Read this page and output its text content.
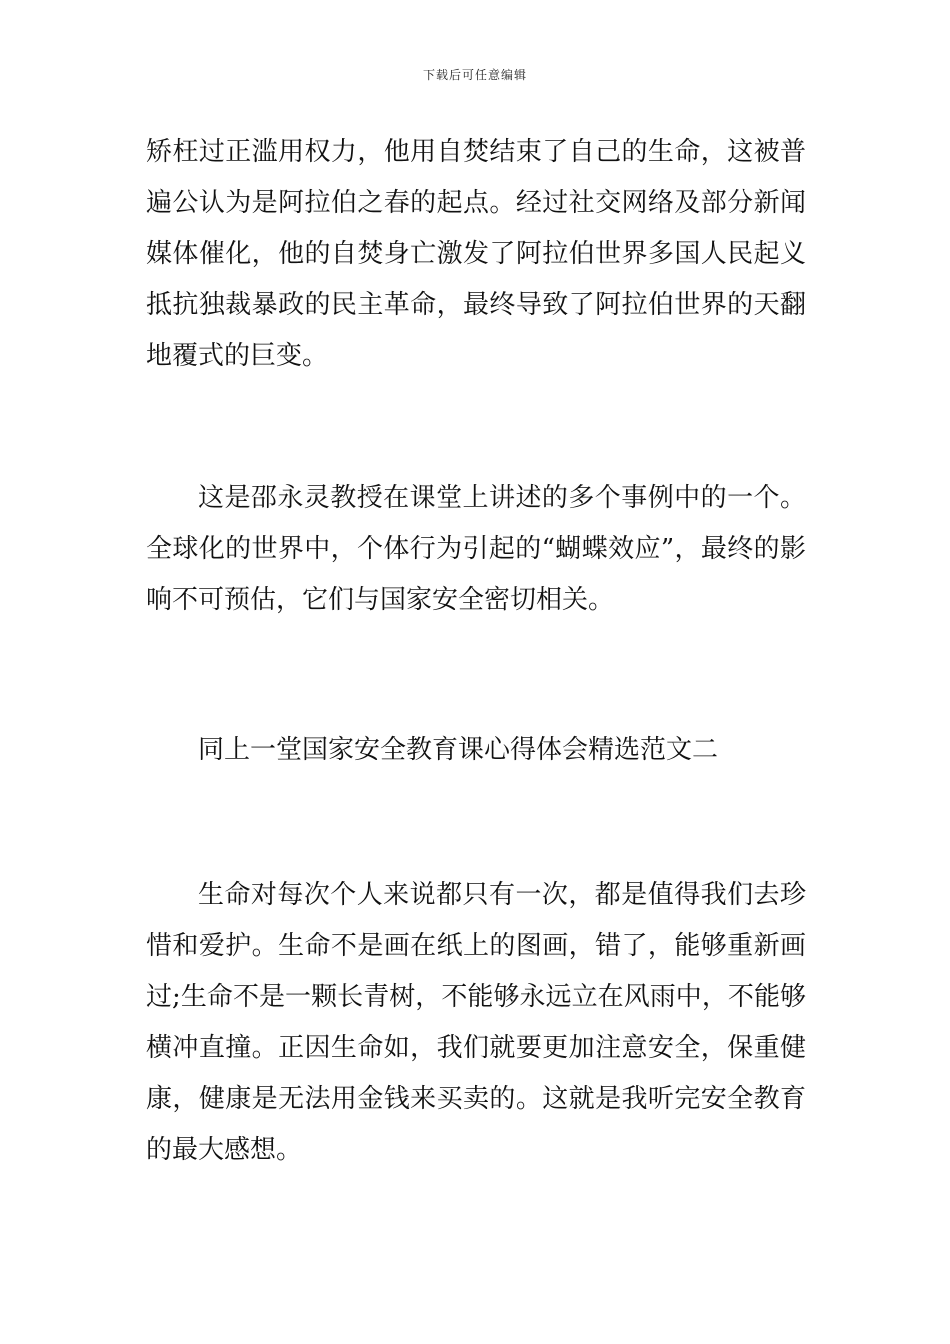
下载后可任意编辑

矫枉过正滥用权力，他用自焚结束了自己的生命，这被普遍公认为是阿拉伯之春的起点。经过社交网络及部分新闻媒体催化，他的自焚身亡激发了阿拉伯世界多国人民起义抵抗独裁暴政的民主革命，最终导致了阿拉伯世界的天翻地覆式的巨变。

这是邵永灵教授在课堂上讲述的多个事例中的一个。全球化的世界中，个体行为引起的“蝴蝶效应”，最终的影响不可预估，它们与国家安全密切相关。

同上一堂国家安全教育课心得体会精选范文二

生命对每次个人来说都只有一次，都是值得我们去珍惜和爱护。生命不是画在纸上的图画，错了，能够重新画过;生命不是一颗长青树，不能够永远立在风雨中，不能够横冲直撞。正因生命如，我们就要更加注意安全，保重健康，健康是无法用金钱来买卖的。这就是我听完安全教育的最大感想。
